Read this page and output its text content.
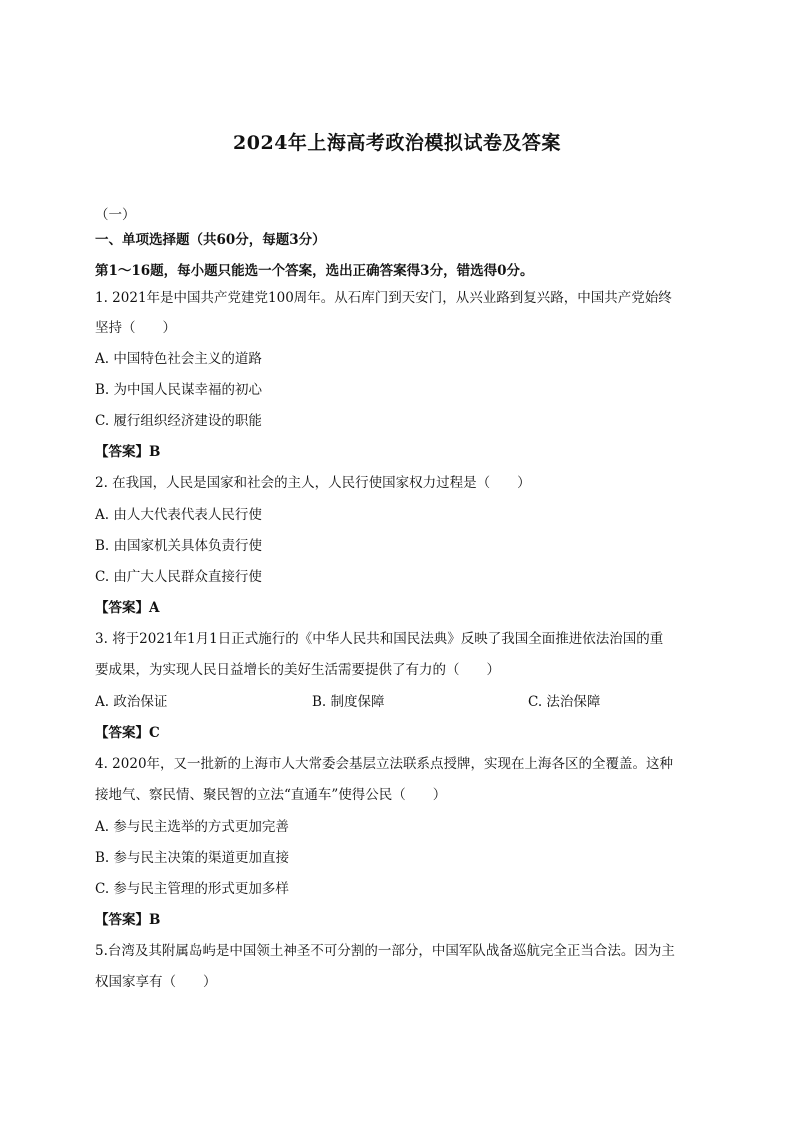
2024年上海高考政治模拟试卷及答案
（一）
一、单项选择题（共60分，每题3分）
第1～16题，每小题只能选一个答案，选出正确答案得3分，错选得0分。
1. 2021年是中国共产党建党100周年。从石库门到天安门，从兴业路到复兴路，中国共产党始终
坚持（　　）
A. 中国特色社会主义的道路
B. 为中国人民谋幸福的初心
C. 履行组织经济建设的职能
【答案】B
2. 在我国，人民是国家和社会的主人，人民行使国家权力过程是（　　）
A. 由人大代表代表人民行使
B. 由国家机关具体负责行使
C. 由广大人民群众直接行使
【答案】A
3. 将于2021年1月1日正式施行的《中华人民共和国民法典》反映了我国全面推进依法治国的重
要成果，为实现人民日益增长的美好生活需要提供了有力的（　　）
A. 政治保证	B. 制度保障	C. 法治保障
【答案】C
4. 2020年，又一批新的上海市人大常委会基层立法联系点授牌，实现在上海各区的全覆盖。这种
接地气、察民情、聚民智的立法“直通车”使得公民（　　）
A. 参与民主选举的方式更加完善
B. 参与民主决策的渠道更加直接
C. 参与民主管理的形式更加多样
【答案】B
5.台湾及其附属岛屿是中国领土神圣不可分割的一部分，中国军队战备巡航完全正当合法。因为主
权国家享有（　　）
